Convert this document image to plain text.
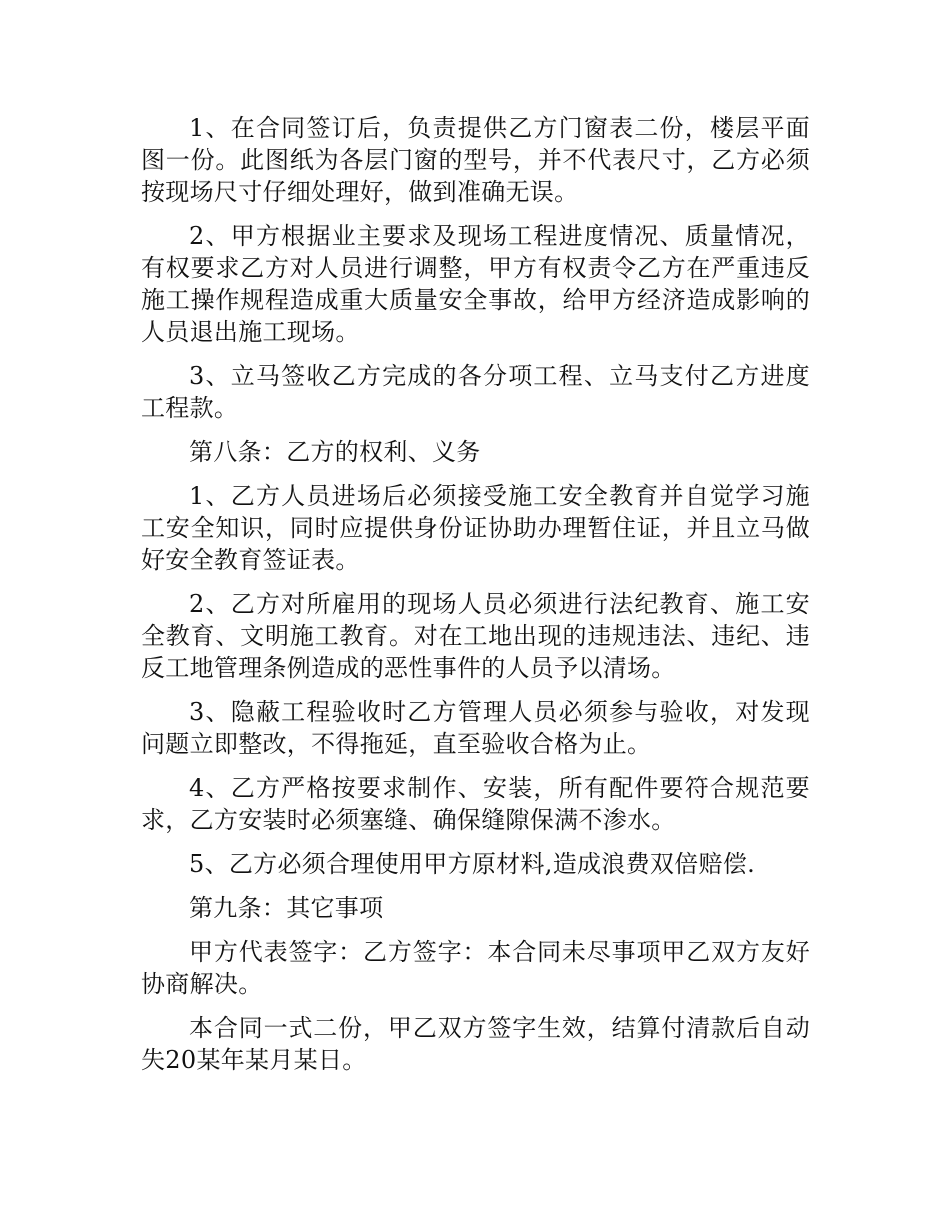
1、在合同签订后，负责提供乙方门窗表二份，楼层平面图一份。此图纸为各层门窗的型号，并不代表尺寸，乙方必须按现场尺寸仔细处理好，做到准确无误。

2、甲方根据业主要求及现场工程进度情况、质量情况，有权要求乙方对人员进行调整，甲方有权责令乙方在严重违反施工操作规程造成重大质量安全事故，给甲方经济造成影响的人员退出施工现场。

3、立马签收乙方完成的各分项工程、立马支付乙方进度工程款。

第八条：乙方的权利、义务

1、乙方人员进场后必须接受施工安全教育并自觉学习施工安全知识，同时应提供身份证协助办理暂住证，并且立马做好安全教育签证表。

2、乙方对所雇用的现场人员必须进行法纪教育、施工安全教育、文明施工教育。对在工地出现的违规违法、违纪、违反工地管理条例造成的恶性事件的人员予以清场。

3、隐蔽工程验收时乙方管理人员必须参与验收，对发现问题立即整改，不得拖延，直至验收合格为止。

4、乙方严格按要求制作、安装，所有配件要符合规范要求，乙方安装时必须塞缝、确保缝隙保满不渗水。

5、乙方必须合理使用甲方原材料,造成浪费双倍赔偿.

第九条：其它事项

甲方代表签字：乙方签字：本合同未尽事项甲乙双方友好协商解决。

本合同一式二份，甲乙双方签字生效，结算付清款后自动失20某年某月某日。
